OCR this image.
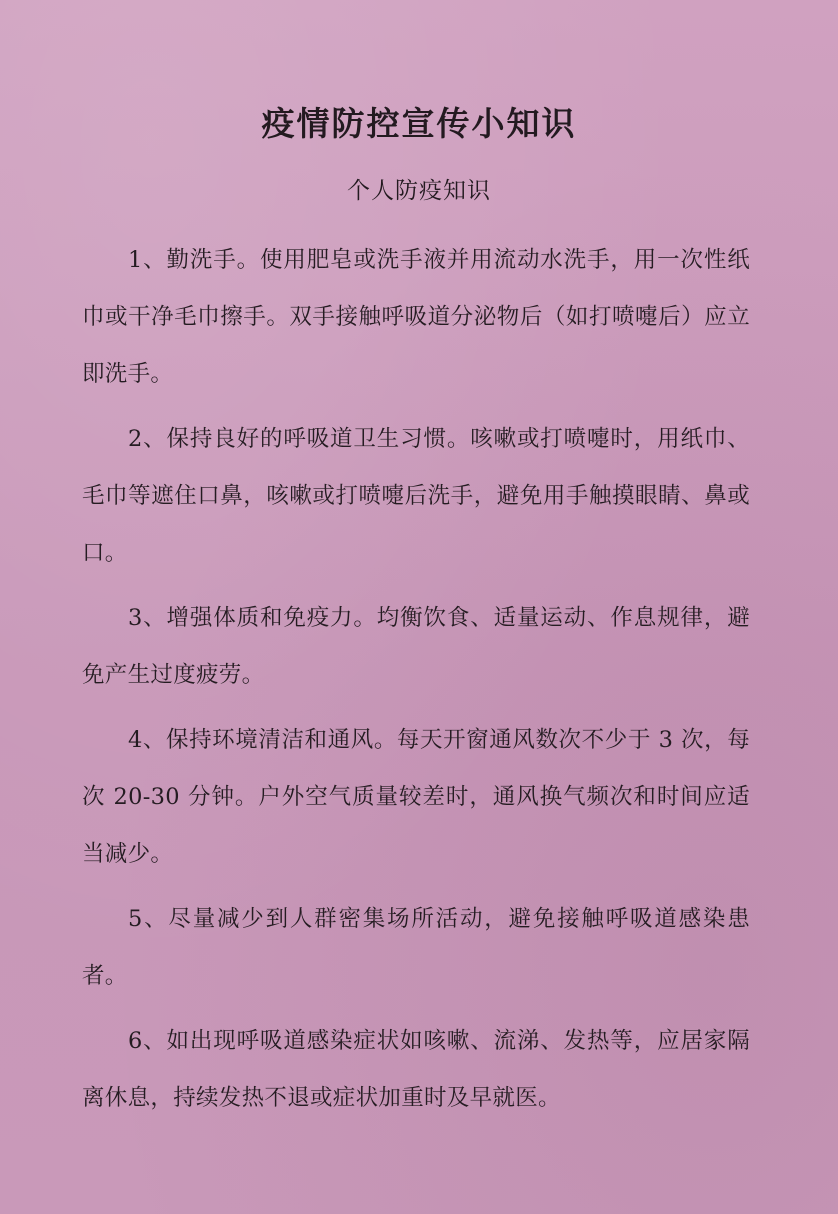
疫情防控宣传小知识
个人防疫知识

1、勤洗手。使用肥皂或洗手液并用流动水洗手，用一次性纸巾或干净毛巾擦手。双手接触呼吸道分泌物后（如打喷嚏后）应立即洗手。

2、保持良好的呼吸道卫生习惯。咳嗽或打喷嚏时，用纸巾、毛巾等遮住口鼻，咳嗽或打喷嚏后洗手，避免用手触摸眼睛、鼻或口。

3、增强体质和免疫力。均衡饮食、适量运动、作息规律，避免产生过度疲劳。

4、保持环境清洁和通风。每天开窗通风数次不少于 3 次，每次 20-30 分钟。户外空气质量较差时，通风换气频次和时间应适当减少。

5、尽量减少到人群密集场所活动，避免接触呼吸道感染患者。

6、如出现呼吸道感染症状如咳嗽、流涕、发热等，应居家隔离休息，持续发热不退或症状加重时及早就医。
